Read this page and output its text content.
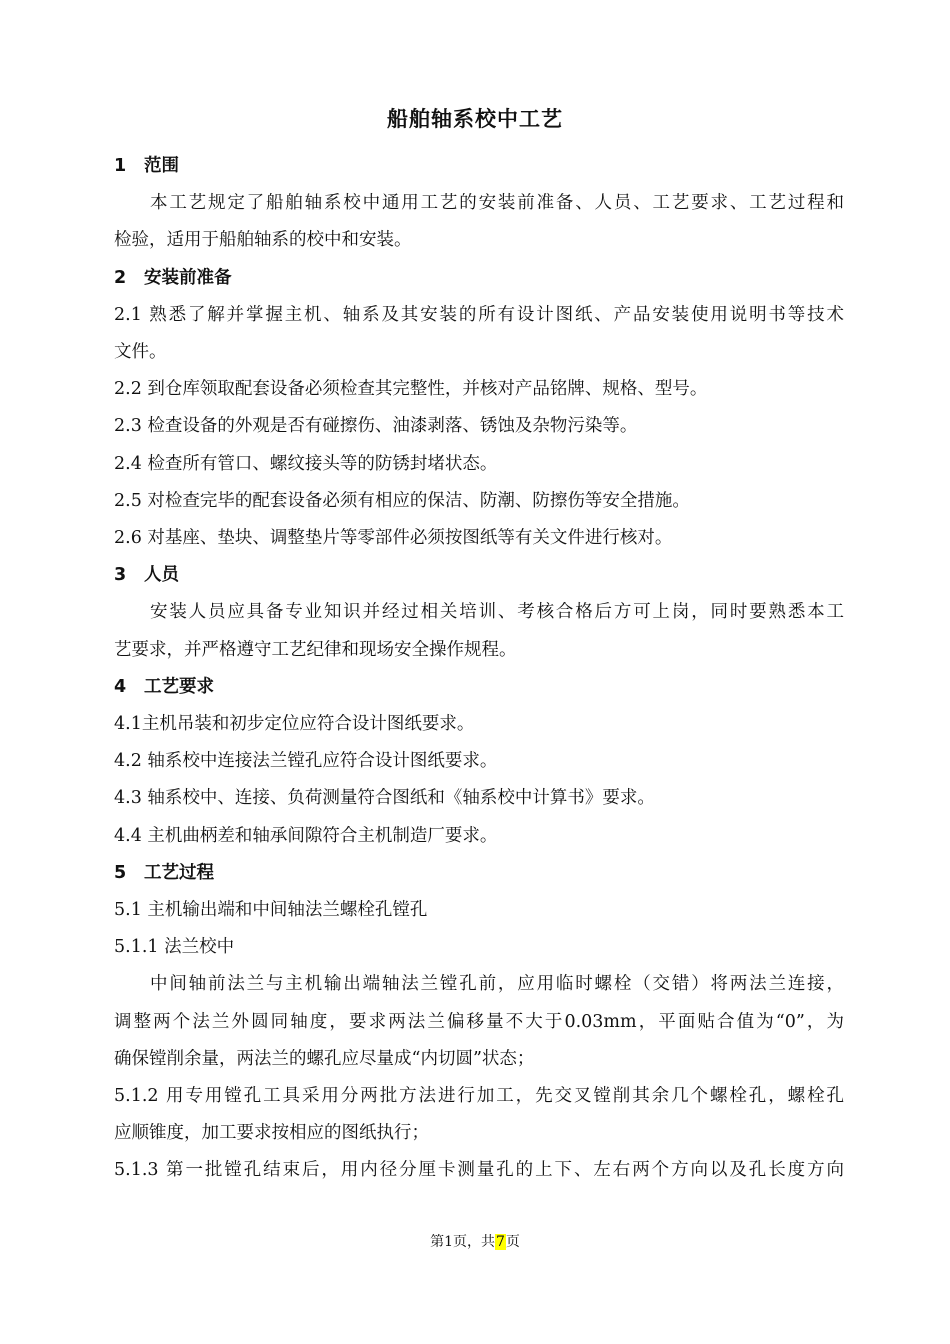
船舶轴系校中工艺
1 范围
本工艺规定了船舶轴系校中通用工艺的安装前准备、人员、工艺要求、工艺过程和
检验，适用于船舶轴系的校中和安装。
2 安装前准备
2.1 熟悉了解并掌握主机、轴系及其安装的所有设计图纸、产品安装使用说明书等技术
文件。
2.2 到仓库领取配套设备必须检查其完整性，并核对产品铭牌、规格、型号。
2.3 检查设备的外观是否有碰擦伤、油漆剥落、锈蚀及杂物污染等。
2.4 检查所有管口、螺纹接头等的防锈封堵状态。
2.5 对检查完毕的配套设备必须有相应的保洁、防潮、防擦伤等安全措施。
2.6 对基座、垫块、调整垫片等零部件必须按图纸等有关文件进行核对。
3 人员
安装人员应具备专业知识并经过相关培训、考核合格后方可上岗，同时要熟悉本工
艺要求，并严格遵守工艺纪律和现场安全操作规程。
4 工艺要求
4.1主机吊装和初步定位应符合设计图纸要求。
4.2 轴系校中连接法兰镗孔应符合设计图纸要求。
4.3 轴系校中、连接、负荷测量符合图纸和《轴系校中计算书》要求。
4.4 主机曲柄差和轴承间隙符合主机制造厂要求。
5 工艺过程
5.1 主机输出端和中间轴法兰螺栓孔镗孔
5.1.1 法兰校中
中间轴前法兰与主机输出端轴法兰镗孔前，应用临时螺栓（交错）将两法兰连接，
调整两个法兰外圆同轴度，要求两法兰偏移量不大于0.03mm，平面贴合值为“0”，为
确保镗削余量，两法兰的螺孔应尽量成“内切圆”状态；
5.1.2 用专用镗孔工具采用分两批方法进行加工，先交叉镗削其余几个螺栓孔，螺栓孔
应顺锥度，加工要求按相应的图纸执行；
5.1.3 第一批镗孔结束后，用内径分厘卡测量孔的上下、左右两个方向以及孔长度方向
第1页，共7页
